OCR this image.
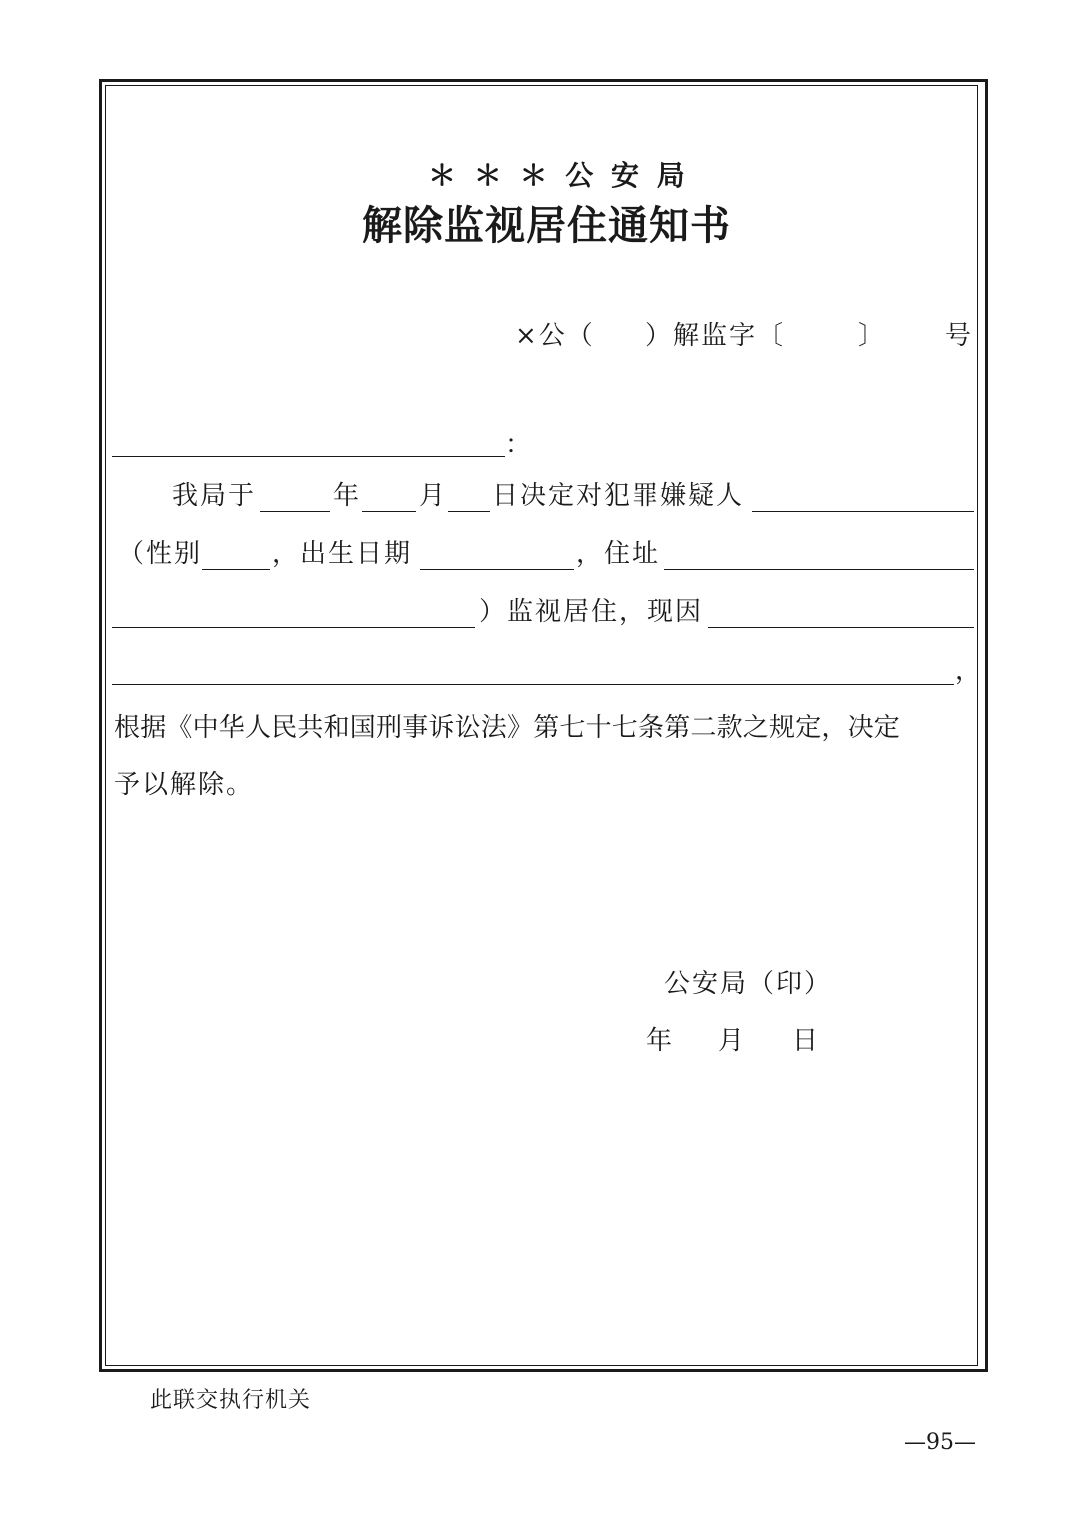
＊ ＊ ＊ 公 安 局
解除监视居住通知书
×公（ ）解监字〔	〕 号
：
我局于	年 月 日决定对犯罪嫌疑人
（性别	，出生日期	，住址
）监视居住，现因
，
根据《中华人民共和国刑事诉讼法》第七十七条第二款之规定，决定
予以解除。
公安局（印）
年 月 日
此联交执行机关
—95—
